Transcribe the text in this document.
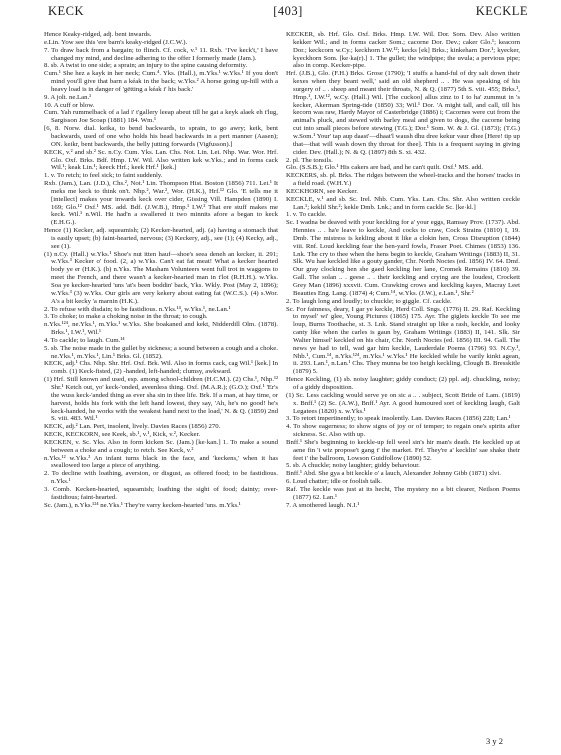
KECK	[403]	KECKLE

Hence Keaky-ridged, adj. bent inwards.

e.Lin. Yow see this 'ere barn's keaky-ridged (J.C.W.).

7. To draw back from a bargain; to flinch. Cf. cock, v.¹ 11. Rxb. ‘I've keck't,’ I have changed my mind, and decline adhering to the offer I formerly made (Jam.).

8. sb. A twist to one side; a sprain; an injury to the spine causing deformity.

Cum.¹ She hez a kayk in her neck; Cum.⁴. Yks. (Hall.), m.Yks.¹ w.Yks.¹ If you don't mind you'll give that barn a kéak in the back; w.Yks.² A horse going up-hill with a heavy load is in danger of 'gëtting a kéak i' his back.'

9. A jolt. ne.Lan.¹

10. A cuff or blow.

Cum. Yah rummelback of a lad i' t'gallery leeap abeut till he gat a keyk alaek eh t'lug, Sargisson Joe Scoap (1881) 184. Wm.¹

[6, 8. Norw. dial. keika, to bend backwards, to sprain, to go awry; keik, bent backwards, used of one who holds his head backwards in a pert manner (Aasen); ON. keikr, bent backwards, the belly jutting forwards (Vigfusson).]

KECK, v.² and sb.² Sc. n.Cy. Cum. Yks. Lan. Chs. Not. Lin. Lei. Nhp. War. Wor. Hrf. Glo. Oxf. Brks. Bdf. Hmp. I.W. Wil. Also written kek w.Yks.; and in forms cack Wil.¹; keak Lin.¹; keeck Hrf.; keek Hrf.¹ [kek.]

1. v. To retch; to feel sick; to faint suddenly.

Rxb. (Jam.), Lan. (J.D.), Chs.², Not.¹ Lin. Thompson Hist. Boston (1856) 711. Lei.¹ It meks me keck to think on't. Nhp.², War.², Wor. (H.K.), Hrf.¹² Glo. 'E tells me it [intellect] makes your inwards keck over cider, Gissing Vill. Hampden (1890) I. 169; Glo.¹² Oxf.¹ MS. add. Bdf. (J.W.B.), Hmp.¹ I.W.² That ere stuff makes me keck. Wil.¹ n.Wil. He had'n a swallered it two minnits afore a began to keck (E.H.G.).

Hence (1) Kecker, adj. squeamish; (2) Kecker-hearted, adj. (a) having a stomach that is easily upset; (b) faint-hearted, nervous; (3) Keckery, adj., see (1); (4) Kecky, adj., see (1).

(1) n.Cy. (Hall.) w.Yks.¹ Shoe's nut itten hauf—shoe's seea deneh an kecker, ii. 291; w.Yks.³ Kecker o' food. (2, a) w.Yks. Can't eat fat meat! What a kecker hearted body ye er (H.K.). (b) n.Yks. The Masham Volunteers went full trot in waggons to meet the French, and there wasn't a kecker-hearted man in t'lot (R.H.H.). w.Yks. Soa ye kecker-hearted 'uns 'at's been boddin' back, Yks. Wkly. Post (May 2, 1896); w.Yks.³ (3) w.Yks. Our girls are very kekery about eating fat (W.C.S.). (4) s.Wor. A's a bit kecky 'a marnin (H.K.).

2. To refuse with disdain; to be fastidious. n.Yks.¹⁴, w.Yks.¹, ne.Lan.¹

3. To choke; to make a choking noise in the throat; to cough.

n.Yks.¹²⁴, ne.Yks.¹, m.Yks.¹ w.Yks. She boakaned and kekt, Nidderdill Olm. (1878). Brks.¹, I.W.¹, Wil.¹

4. To cackle; to laugh. Cum.¹⁴

5. sb. The noise made in the gullet by sickness; a sound between a cough and a choke. ne.Yks.¹, m.Yks.¹, Lin.¹ Brks. Gl. (1852).

KECK, adj.¹ Chs. Nhp. Shr. Hrf. Oxf. Brk. Wil. Also in forms cack, cag Wil.¹ [kek.] In comb. (1) Keck-fisted, (2) -handed, left-handed; clumsy, awkward.

(1) Hrf. Still known and used, esp. among school-children (H.C.M.). (2) Chs.¹, Nhp.¹² Shr.¹ Ketch out, yo' keck-'onded, aveenless thing. Oxf. (M.A.R.); (G.O.); Oxf.¹ 'Er's the wuss keck-'anded thing as ever sha sin in thee life. Brk. If a man, at hay time, or harvest, holds his fork with the left hand lowest, they say, 'Ah, he's no good! he's keck-handed, he works with the weakest hand next to the load,' N. & Q. (1859) 2nd S. viii. 483. Wil.¹

KECK, adj.² Lan. Pert, insolent, lively. Davies Races (1856) 270.

KECK, KECKORN, see Keek, sb.¹, v.¹, Kick, v.², Kecker.

KECKEN, v. Sc. Yks. Also in form kicken Sc. (Jam.) [ke·kan.] 1. To make a sound between a choke and a cough; to retch. See Keck, v.²

n.Yks.¹² w.Yks.³ An infant turns black in the face, and 'keckens,' when it has swallowed too large a piece of anything.

2. To decline with loathing, aversion, or disgust, as offered food; to be fastidious. n.Yks.¹

3. Comb. Kecken-hearted, squeamish; loathing the sight of food; dainty; over-fastidious; faint-hearted.

Sc. (Jam.), n.Yks.¹²⁴ ne.Yks.¹ They're varry kecken-hearted 'uns. m.Yks.¹

KECKER, sb. Hrf. Glo. Oxf. Brks. Hmp. I.W. Wil. Dor. Som. Dev. Also written kekker Wil.; and in forms cacker Som.; cacorne Dor. Dev.; caker Glo.¹; keacorn Dor.; keckcorn w.Cy.; keckhorn I.W.¹²; kecks [ek] Brks.; kinkeharn Dor.¹; kyecker, kyeckhorn Som. [ke·ka(r).] 1. The gullet; the windpipe; the uvula; a pervious pipe; also in comp. Kecker-pipe.

Hrf. (J.B.), Glo. (F.H.) Brks. Grose (1790); 'I stuffs a hand-ful of dry salt down their kexes when they beant well,' said an old shepherd .. . He was speaking of his surgery of .. . sheep and meant their throats, N. & Q. (1877) 5th S. viii. 455; Brks.¹, Hmp.¹, I.W.¹², w.Cy. (Hall.) Wil. [The cuckoo] allus zinz to I to ha' zummut in 's kecker, Akerman Spring-tide (1850) 33; Wil.¹ Dor. 'A might tall, and call, till his kecorn was raw, Hardy Mayor of Casterbridge (1886) i; Cacornes were cut from the animal's pluck, and stewed with barley meal and given to dogs, the cacorne being cut into small pieces before stewing (T.G.); Dor.¹ Som. W. & J. Gl. (1873); (T.G.) w.Som.¹ Your' tap aup daast'—dhaat'l waush dhu dree kekur vaur dhee [Here! tip up that—that will wash down thy throat for thee]. This is a frequent saying in giving cider. Dev. (Hall.); N. & Q. (1897) 8th S. xi. 432.

2. pl. The tonsils.

Glo. (S.S.B.); Glo.¹ His cakers are bad, and he can't quilt. Oxf.¹ MS. add.

KECKERS, sb. pl. Brks. The ridges between the wheel-tracks and the horses' tracks in a field road. (W.H.Y.)

KECKHORN, see Kecker.

KECKLE, v.¹ and sb. Sc. Irel. Nhb. Cum. Yks. Lan. Chs. Shr. Also written ceckle Lan.¹; keklil Shr.²; kekle Dmb. Lnk.; and in form cackle Sc. [ke·kl.]

1. v. To cackle.

Sc. I wadna be deaved with your keckling for a' your eggs, Ramsay Prov. (1737). Abd. Hennies .. . ha'e leave to keckle, And cocks to craw, Cock Strains (1810) I, 19. Dmb. The mistress is kekling about it like a clokin hen, Cross Disruption (1844) viii. Rnf. Loud keckling fear the hen-yard fowls, Fraser Poet. Chimes (1853) 136. Lnk. The cry to thee when the hens begin to keckle, Graham Writings (1883) II, 31. Slk. Wu hae keckled like a gouty gander, Chr. North Noctes (ed. 1856) IV. 64. Dmf. Our gray clocking hen she gaed keckling her lane, Cromek Remains (1810) 39. Gall. The solan .. . geese .. . their keckling and crying are the loudest, Crockett Grey Man (1896) xxxvii. Cum. Crawking crows and keckling kayes, Macray Leet Beauties Eng. Lang. (1874) 4; Cum.¹⁴, w.Yks. (J.W.), e.Lan.¹, Shr.²

2. To laugh long and loudly; to chuckle; to giggle. Cf. cackle.

Sc. For fainness, deary, I gar ye keckle, Herd Coll. Sngs. (1776) II. 29. Raf. Keckling to mysel' wi' glee, Young Pictures (1865) 175. Ayr. The giglets keckle To see me loup, Burns Toothache, st. 3. Lnk. Stand straight up like a rash, keckle, and looky canty like when the carles is gaun by, Graham Writings (1883) II, 141. Slk. Sir Walter himsel' keckled on his chair, Chr. North Noctes (ed. 1856) III. 94. Gall. The news ye had to tell, wad gar him keckle, Lauderdale Poems (1796) 93. N.Cy.¹, Nhb.¹, Cum.¹⁴, n.Yks.¹²⁴, m.Yks.¹ w.Yks.¹ He keckled while he varily kinkt agean, ii. 293. Lan.¹, n.Lan.¹ Chs. They munna be too heigh keckling, Clough B. Bresskitle (1879) 5.

Hence Keckling, (1) sb. noisy laughter; giddy conduct; (2) ppl. adj. chuckling, noisy; of a giddy disposition.

(1) Sc. Less cackling would serve ye on sic a .. . subject, Scott Bride of Lam. (1819) x. Bnff.¹ (2) Sc. (A.W.), Bnff.¹ Ayr. A good humoured sort of keckling laugh, Galt Legatees (1820) x. w.Yks.¹

3. To retort impertinently; to speak insolently. Lan. Davies Races (1856) 228; Lan.¹

4. To show eagerness; to show signs of joy or of temper; to regain one's spirits after sickness. Sc. Also with up.

Bnff.¹ She's beginning to keckle-up fell weel sin's hir man's death. He keckled up at aene fin 'i wiz propose't gang t' the market. Frf. They're a' kecklin' sae shake their feet i' the ballroom, Lowson Guidfollow (1890) 52.

5. sb. A chuckle; noisy laughter; giddy behaviour.

Bnff.¹ Abd. She gya a bit keckle o' a lauch, Alexander Johnny Gibb (1871) xlvi.

6. Loud chatter; idle or foolish talk.

Raf. The keckle was just at its hecht, The mystery no a bit clearer, Neilson Poems (1877) 62. Lan.¹

7. A smothered laugh. N.I.¹

3 y 2
